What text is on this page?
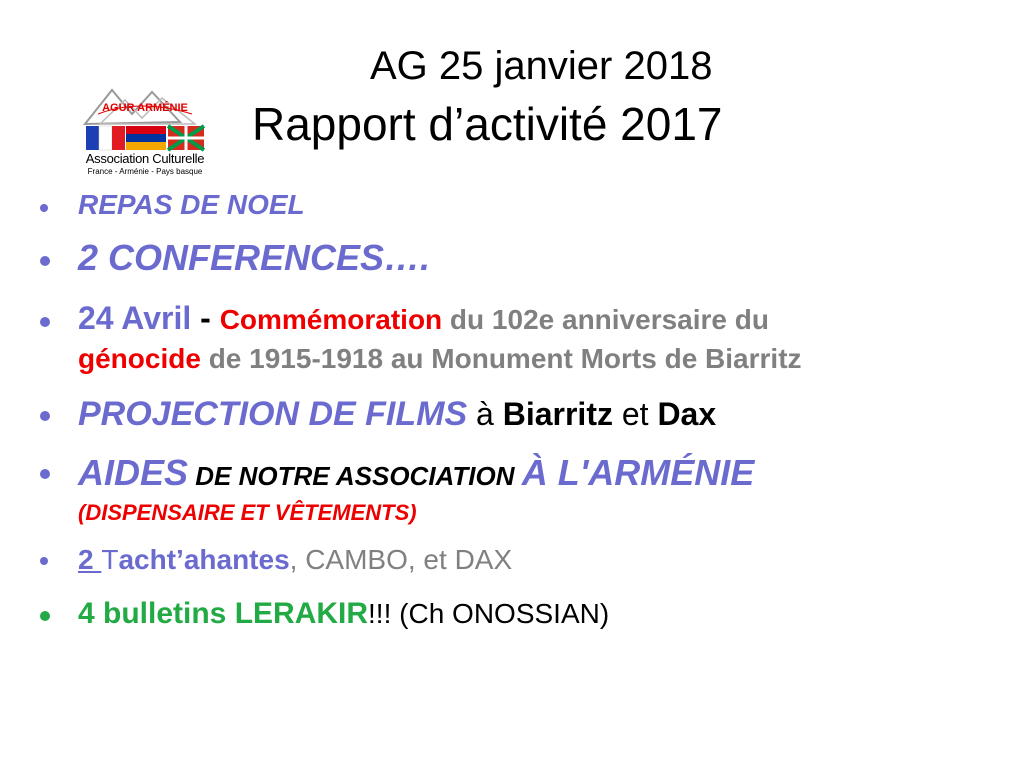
AG 25 janvier 2018
Rapport d’activité 2017
AGUR ARMÉNIE
Association Culturelle
France - Arménie - Pays basque
REPAS DE NOEL
2 CONFERENCES….
24 Avril - Commémoration du 102e anniversaire du
génocide de 1915-1918 au Monument Morts de Biarritz
PROJECTION DE FILMS à Biarritz et Dax
AIDES DE NOTRE ASSOCIATION À L'ARMÉNIE
(DISPENSAIRE ET VÊTEMENTS)
2 Tacht’ahantes, CAMBO, et DAX
4 bulletins LERAKIR!!! (Ch ONOSSIAN)
